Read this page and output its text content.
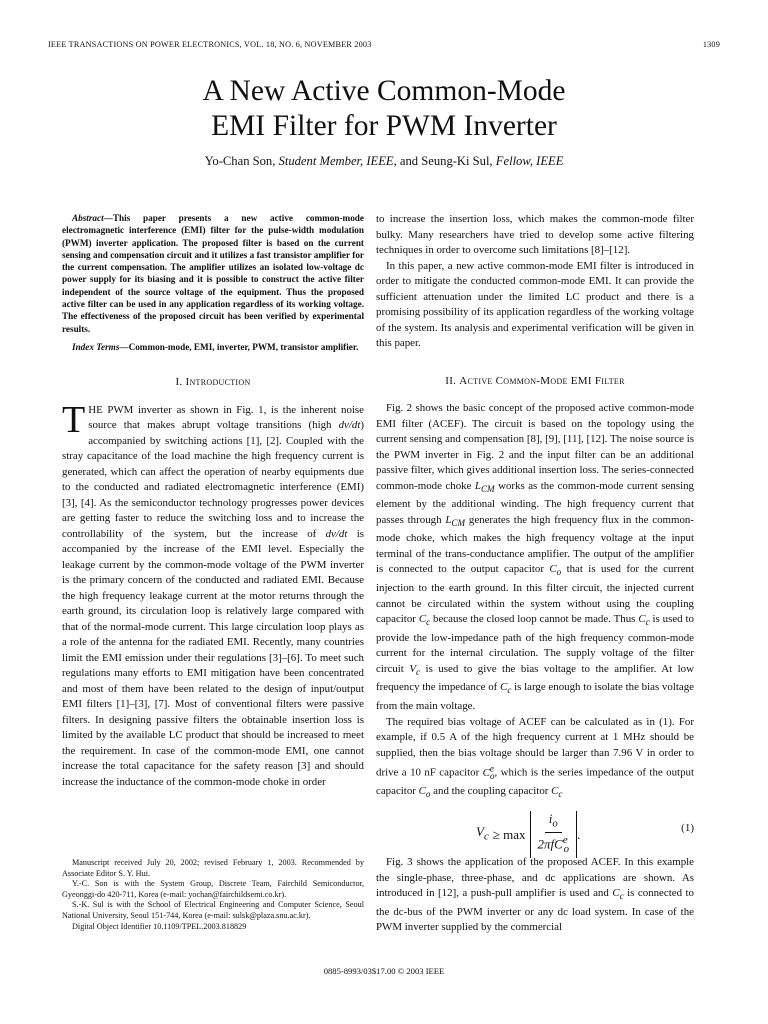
IEEE TRANSACTIONS ON POWER ELECTRONICS, VOL. 18, NO. 6, NOVEMBER 2003	1309
A New Active Common-Mode
EMI Filter for PWM Inverter
Yo-Chan Son, Student Member, IEEE, and Seung-Ki Sul, Fellow, IEEE

Abstract—This paper presents a new active common-mode electromagnetic interference (EMI) filter for the pulse-width modulation (PWM) inverter application. The proposed filter is based on the current sensing and compensation circuit and it utilizes a fast transistor amplifier for the current compensation. The amplifier utilizes an isolated low-voltage dc power supply for its biasing and it is possible to construct the active filter independent of the source voltage of the equipment. Thus the proposed active filter can be used in any application regardless of its working voltage. The effectiveness of the proposed circuit has been verified by experimental results.

Index Terms—Common-mode, EMI, inverter, PWM, transistor amplifier.

I. Introduction

THE PWM inverter as shown in Fig. 1, is the inherent noise source that makes abrupt voltage transitions (high dv/dt) accompanied by switching actions [1], [2]. Coupled with the stray capacitance of the load machine the high frequency current is generated, which can affect the operation of nearby equipments due to the conducted and radiated electromagnetic interference (EMI) [3], [4]. As the semiconductor technology progresses power devices are getting faster to reduce the switching loss and to increase the controllability of the system, but the increase of dv/dt is accompanied by the increase of the EMI level. Especially the leakage current by the common-mode voltage of the PWM inverter is the primary concern of the conducted and radiated EMI. Because the high frequency leakage current at the motor returns through the earth ground, its circulation loop is relatively large compared with that of the normal-mode current. This large circulation loop plays as a role of the antenna for the radiated EMI. Recently, many countries limit the EMI emission under their regulations [3]–[6]. To meet such regulations many efforts to EMI mitigation have been concentrated and most of them have been related to the design of input/output EMI filters [1]–[3], [7]. Most of conventional filters were passive filters. In designing passive filters the obtainable insertion loss is limited by the available LC product that should be increased to meet the requirement. In case of the common-mode EMI, one cannot increase the total capacitance for the safety reason [3] and should increase the inductance of the common-mode choke in order

Manuscript received July 20, 2002; revised February 1, 2003. Recommended by Associate Editor S. Y. Hui.

Y.-C. Son is with the System Group, Discrete Team, Fairchild Semiconductor, Gyeonggi-do 420-711, Korea (e-mail: yochan@fairchildsemi.co.kr).

S.-K. Sul is with the School of Electrical Engineering and Computer Science, Seoul National University, Seoul 151-744, Korea (e-mail: sulsk@plaza.snu.ac.kr).

Digital Object Identifier 10.1109/TPEL.2003.818829

to increase the insertion loss, which makes the common-mode filter bulky. Many researchers have tried to develop some active filtering techniques in order to overcome such limitations [8]–[12].

In this paper, a new active common-mode EMI filter is introduced in order to mitigate the conducted common-mode EMI. It can provide the sufficient attenuation under the limited LC product and there is a promising possibility of its application regardless of the working voltage of the system. Its analysis and experimental verification will be given in this paper.

II. Active Common-Mode EMI Filter

Fig. 2 shows the basic concept of the proposed active common-mode EMI filter (ACEF). The circuit is based on the topology using the current sensing and compensation [8], [9], [11], [12]. The noise source is the PWM inverter in Fig. 2 and the input filter can be an additional passive filter, which gives additional insertion loss. The series-connected common-mode choke $L_{CM}$ works as the common-mode current sensing element by the additional winding. The high frequency current that passes through $L_{CM}$ generates the high frequency flux in the common-mode choke, which makes the high frequency voltage at the input terminal of the trans-conductance amplifier. The output of the amplifier is connected to the output capacitor $C_o$ that is used for the current injection to the earth ground. In this filter circuit, the injected current cannot be circulated within the system without using the coupling capacitor $C_c$ because the closed loop cannot be made. Thus $C_c$ is used to provide the low-impedance path of the high frequency common-mode current for the internal circulation. The supply voltage of the filter circuit $V_c$ is used to give the bias voltage to the amplifier. At low frequency the impedance of $C_c$ is large enough to isolate the bias voltage from the main voltage.

The required bias voltage of ACEF can be calculated as in (1). For example, if 0.5 A of the high frequency current at 1 MHz should be supplied, then the bias voltage should be larger than 7.96 V in order to drive a 10 nF capacitor $C^e_o$, which is the series impedance of the output capacitor $C_o$ and the coupling capacitor $C_c$

$V_c \ge \max \frac{i_o}{2\pi fC^e_o}$ .	(1)

Fig. 3 shows the application of the proposed ACEF. In this example the single-phase, three-phase, and dc applications are shown. As introduced in [12], a push-pull amplifier is used and $C_c$ is connected to the dc-bus of the PWM inverter or any dc load system. In case of the PWM inverter supplied by the commercial

0885-8993/03$17.00 © 2003 IEEE
